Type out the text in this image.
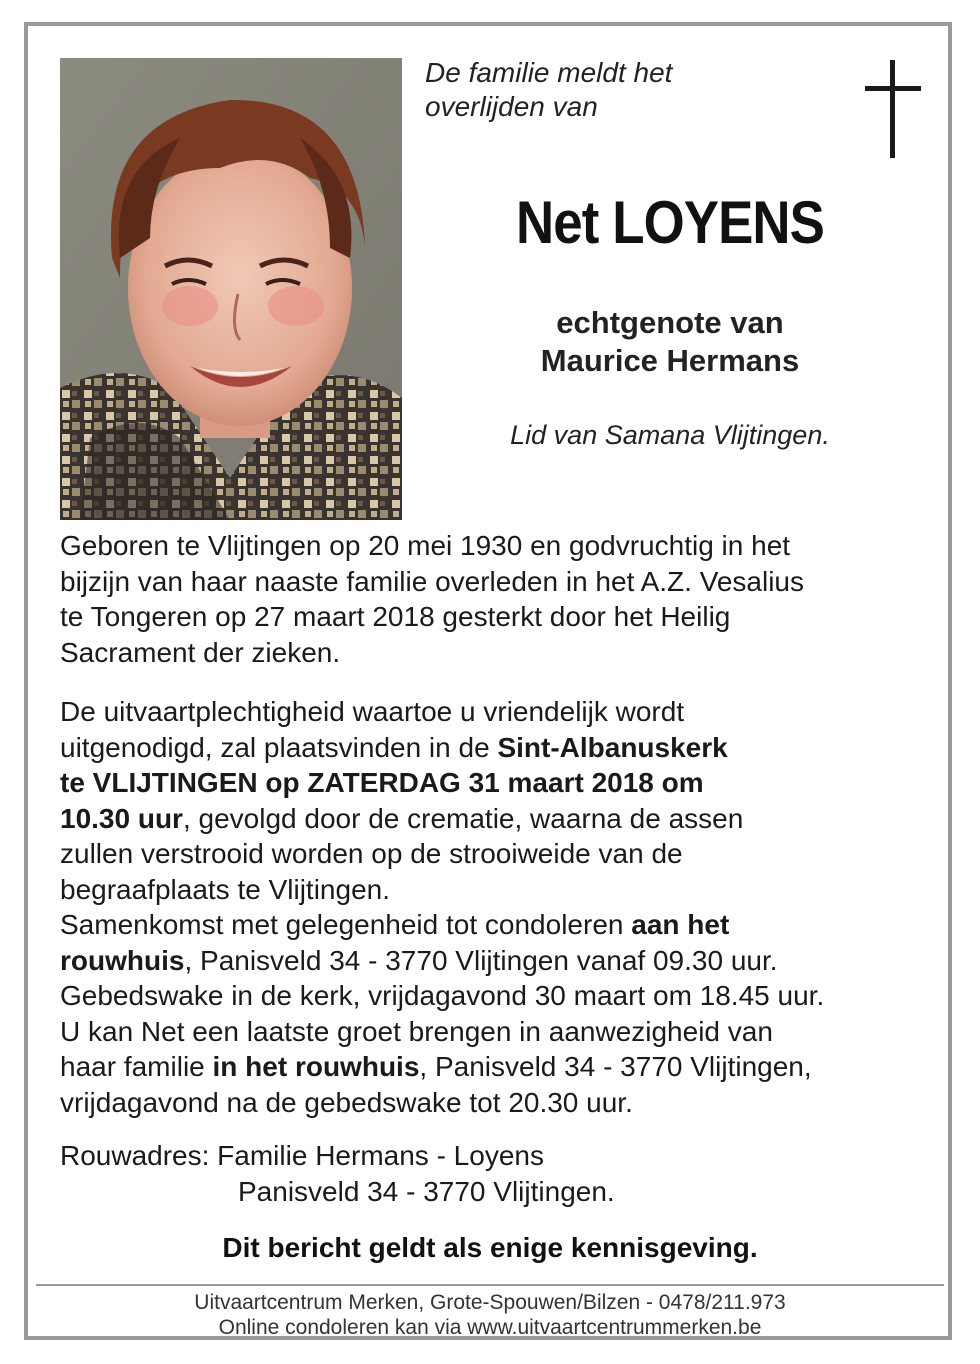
De familie meldt het
overlijden van
Net LOYENS
echtgenote van
Maurice Hermans
Lid van Samana Vlijtingen.
Geboren te Vlijtingen op 20 mei 1930 en godvruchtig in het
bijzijn van haar naaste familie overleden in het A.Z. Vesalius
te Tongeren op 27 maart 2018 gesterkt door het Heilig
Sacrament der zieken.
De uitvaartplechtigheid waartoe u vriendelijk wordt
uitgenodigd, zal plaatsvinden in de Sint-Albanuskerk
te VLIJTINGEN op ZATERDAG 31 maart 2018 om
10.30 uur, gevolgd door de crematie, waarna de assen
zullen verstrooid worden op de strooiweide van de
begraafplaats te Vlijtingen.
Samenkomst met gelegenheid tot condoleren aan het
rouwhuis, Panisveld 34 - 3770 Vlijtingen vanaf 09.30 uur.
Gebedswake in de kerk, vrijdagavond 30 maart om 18.45 uur.
U kan Net een laatste groet brengen in aanwezigheid van
haar familie in het rouwhuis, Panisveld 34 - 3770 Vlijtingen,
vrijdagavond na de gebedswake tot 20.30 uur.
Rouwadres: Familie Hermans - Loyens
Panisveld 34 - 3770 Vlijtingen.
Dit bericht geldt als enige kennisgeving.
Uitvaartcentrum Merken, Grote-Spouwen/Bilzen - 0478/211.973
Online condoleren kan via www.uitvaartcentrummerken.be
